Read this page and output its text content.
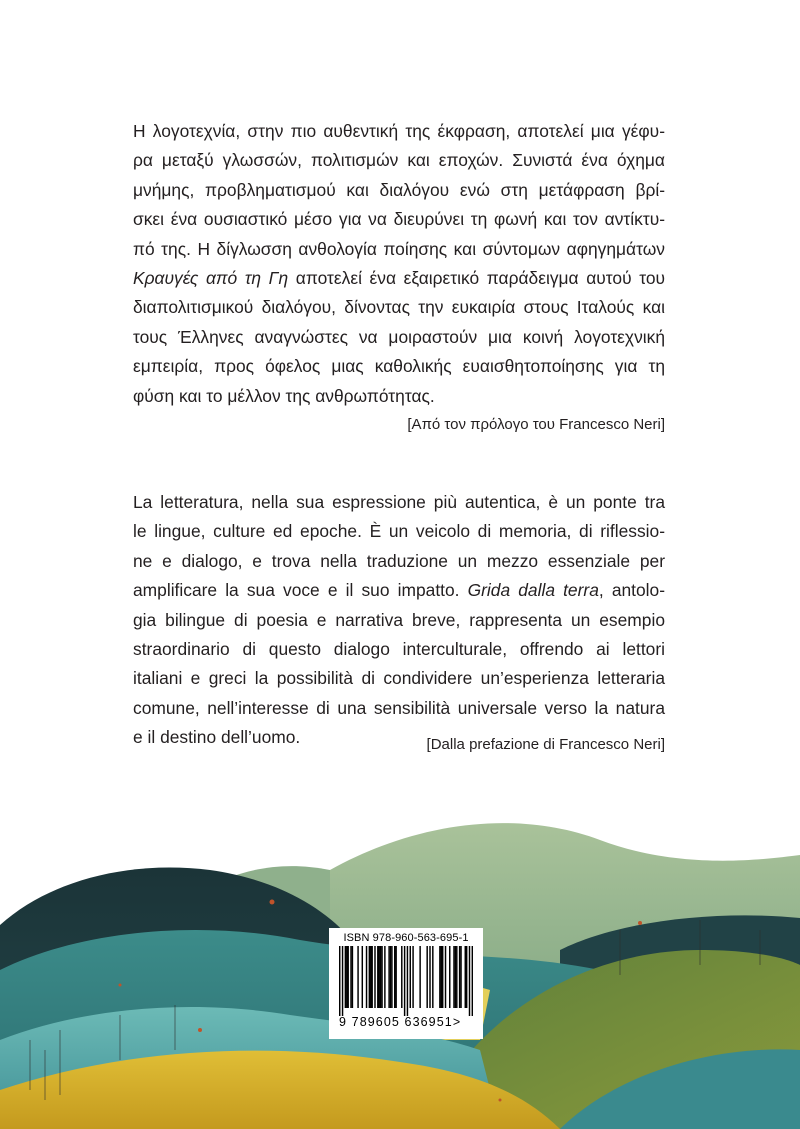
Η λογοτεχνία, στην πιο αυθεντική της έκφραση, αποτελεί μια γέφυ-
ρα μεταξύ γλωσσών, πολιτισμών και εποχών. Συνιστά ένα όχημα
μνήμης, προβληματισμού και διαλόγου ενώ στη μετάφραση βρί-
σκει ένα ουσιαστικό μέσο για να διευρύνει τη φωνή και τον αντίκτυ-
πό της. Η δίγλωσση ανθολογία ποίησης και σύντομων αφηγημάτων
Κραυγές από τη Γη αποτελεί ένα εξαιρετικό παράδειγμα αυτού του
διαπολιτισμικού διαλόγου, δίνοντας την ευκαιρία στους Ιταλούς και
τους Έλληνες αναγνώστες να μοιραστούν μια κοινή λογοτεχνική
εμπειρία, προς όφελος μιας καθολικής ευαισθητοποίησης για τη
φύση και το μέλλον της ανθρωπότητας.
[Από τον πρόλογο του Francesco Neri]
La letteratura, nella sua espressione più autentica, è un ponte tra
le lingue, culture ed epoche. È un veicolo di memoria, di riflessio-
ne e dialogo, e trova nella traduzione un mezzo essenziale per
amplificare la sua voce e il suo impatto. Grida dalla terra, antolo-
gia bilingue di poesia e narrativa breve, rappresenta un esempio
straordinario di questo dialogo interculturale, offrendo ai lettori
italiani e greci la possibilità di condividere un’esperienza letteraria
comune, nell’interesse di una sensibilità universale verso la natura
e il destino dell’uomo.	[Dalla prefazione di Francesco Neri]
ISBN 978-960-563-695-1
9 789605 636951>
